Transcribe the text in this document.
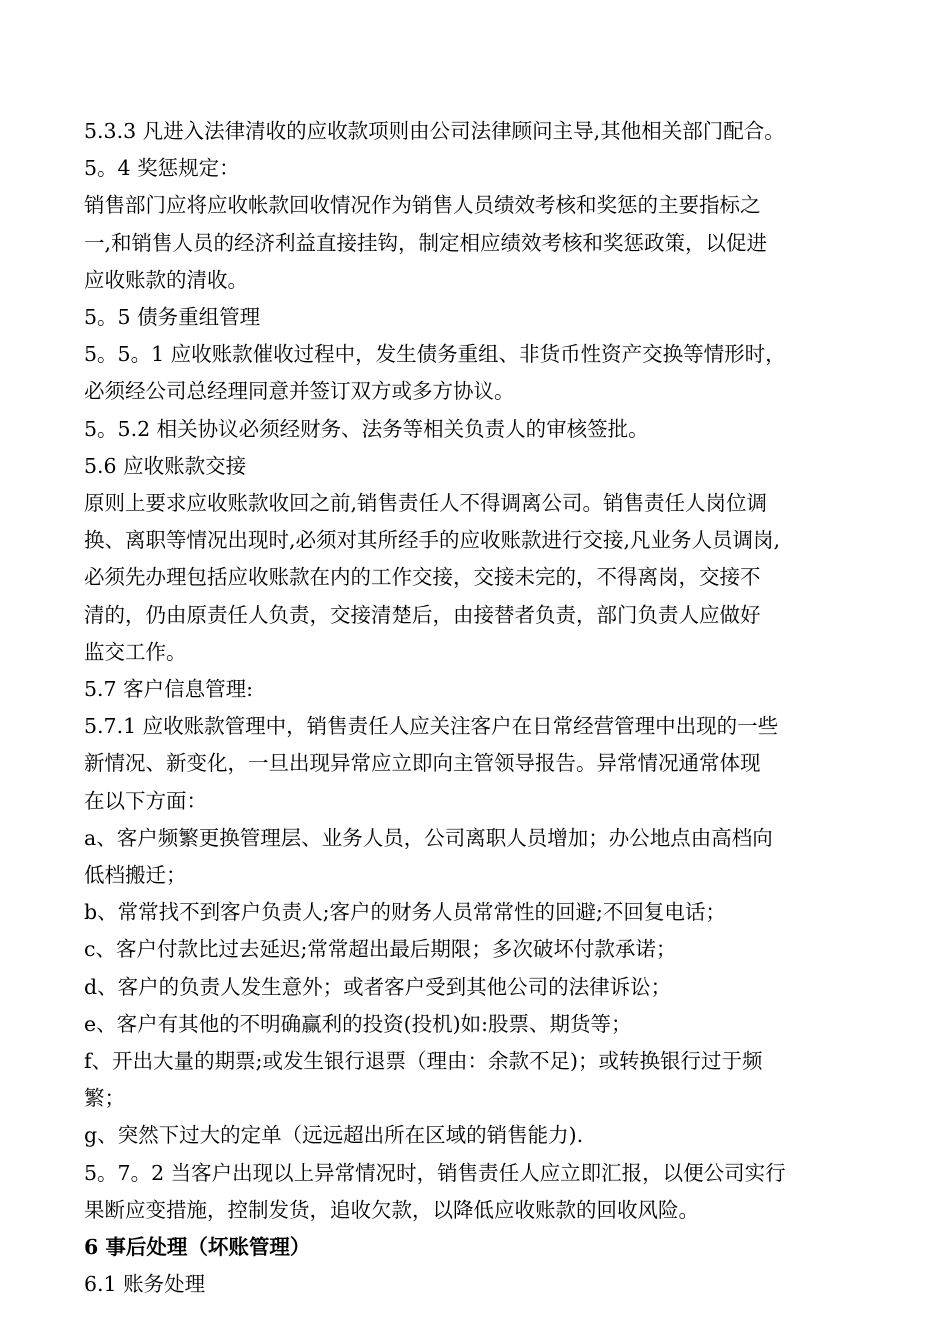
5.3.3 凡进入法律清收的应收款项则由公司法律顾问主导,其他相关部门配合。

5。4 奖惩规定：

销售部门应将应收帐款回收情况作为销售人员绩效考核和奖惩的主要指标之

一,和销售人员的经济利益直接挂钩，制定相应绩效考核和奖惩政策，以促进

应收账款的清收。

5。5 债务重组管理

5。5。1 应收账款催收过程中，发生债务重组、非货币性资产交换等情形时，

必须经公司总经理同意并签订双方或多方协议。

5。5.2 相关协议必须经财务、法务等相关负责人的审核签批。

5.6 应收账款交接

原则上要求应收账款收回之前,销售责任人不得调离公司。销售责任人岗位调

换、离职等情况出现时,必须对其所经手的应收账款进行交接,凡业务人员调岗,

必须先办理包括应收账款在内的工作交接，交接未完的，不得离岗，交接不

清的，仍由原责任人负责，交接清楚后，由接替者负责，部门负责人应做好

监交工作。

5.7 客户信息管理:

5.7.1 应收账款管理中，销售责任人应关注客户在日常经营管理中出现的一些

新情况、新变化，一旦出现异常应立即向主管领导报告。异常情况通常体现

在以下方面：

a、客户频繁更换管理层、业务人员，公司离职人员增加；办公地点由高档向

低档搬迁；

b、常常找不到客户负责人;客户的财务人员常常性的回避;不回复电话；

c、客户付款比过去延迟;常常超出最后期限；多次破坏付款承诺；

d、客户的负责人发生意外；或者客户受到其他公司的法律诉讼；

e、客户有其他的不明确赢利的投资(投机)如:股票、期货等；

f、开出大量的期票;或发生银行退票（理由：余款不足)；或转换银行过于频

繁；

g、突然下过大的定单（远远超出所在区域的销售能力).

5。7。2 当客户出现以上异常情况时，销售责任人应立即汇报，以便公司实行

果断应变措施，控制发货，追收欠款，以降低应收账款的回收风险。

6 事后处理（坏账管理）

6.1 账务处理
